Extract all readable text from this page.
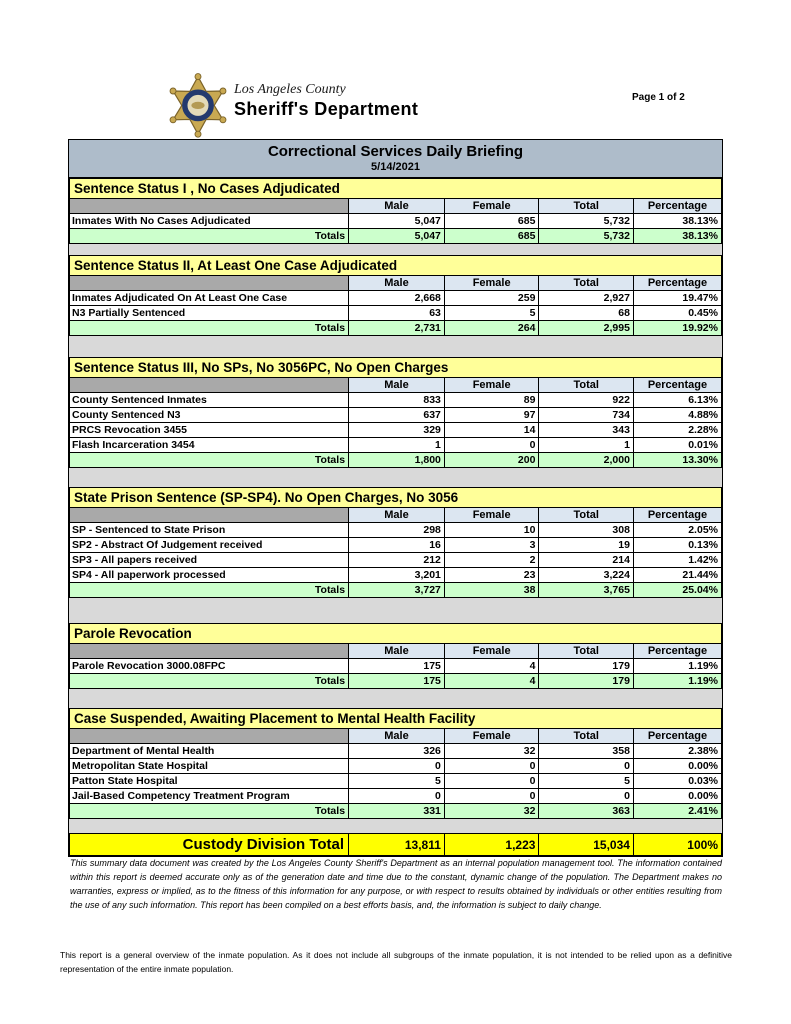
Los Angeles County
Sheriff's Department
Page 1 of 2
Correctional Services Daily Briefing
5/14/2021
Sentence Status I , No Cases Adjudicated				
	Male	Female	Total	Percentage
Inmates With No Cases Adjudicated	5,047	685	5,732	38.13%
Totals	5,047	685	5,732	38.13%
Sentence Status II, At Least One Case Adjudicated				
	Male	Female	Total	Percentage
Inmates Adjudicated On At Least One Case	2,668	259	2,927	19.47%
N3 Partially Sentenced	63	5	68	0.45%
Totals	2,731	264	2,995	19.92%
Sentence Status III, No SPs, No 3056PC, No Open Charges				
	Male	Female	Total	Percentage
County Sentenced Inmates	833	89	922	6.13%
County Sentenced N3	637	97	734	4.88%
PRCS Revocation 3455	329	14	343	2.28%
Flash Incarceration 3454	1	0	1	0.01%
Totals	1,800	200	2,000	13.30%
State Prison Sentence (SP-SP4). No Open Charges, No 3056				
	Male	Female	Total	Percentage
SP - Sentenced to State Prison	298	10	308	2.05%
SP2 - Abstract Of Judgement received	16	3	19	0.13%
SP3 - All papers received	212	2	214	1.42%
SP4 - All paperwork processed	3,201	23	3,224	21.44%
Totals	3,727	38	3,765	25.04%
Parole Revocation				
	Male	Female	Total	Percentage
Parole Revocation 3000.08FPC	175	4	179	1.19%
Totals	175	4	179	1.19%
Case Suspended, Awaiting Placement to Mental Health Facility				
	Male	Female	Total	Percentage
Department of Mental Health	326	32	358	2.38%
Metropolitan State Hospital	0	0	0	0.00%
Patton State Hospital	5	0	5	0.03%
Jail-Based Competency Treatment Program	0	0	0	0.00%
Totals	331	32	363	2.41%
Custody Division Total	13,811	1,223	15,034	100%

This summary data document was created by the Los Angeles County Sheriff's Department as an internal population management tool. The information contained within this report is deemed accurate only as of the generation date and time due to the constant, dynamic change of the population. The Department makes no warranties, express or implied, as to the fitness of this information for any purpose, or with respect to results obtained by individuals or other entities resulting from the use of any such information. This report has been compiled on a best efforts basis, and, the information is subject to daily change.

This report is a general overview of the inmate population. As it does not include all subgroups of the inmate population, it is not intended to be relied upon as a definitive representation of the entire inmate population.
